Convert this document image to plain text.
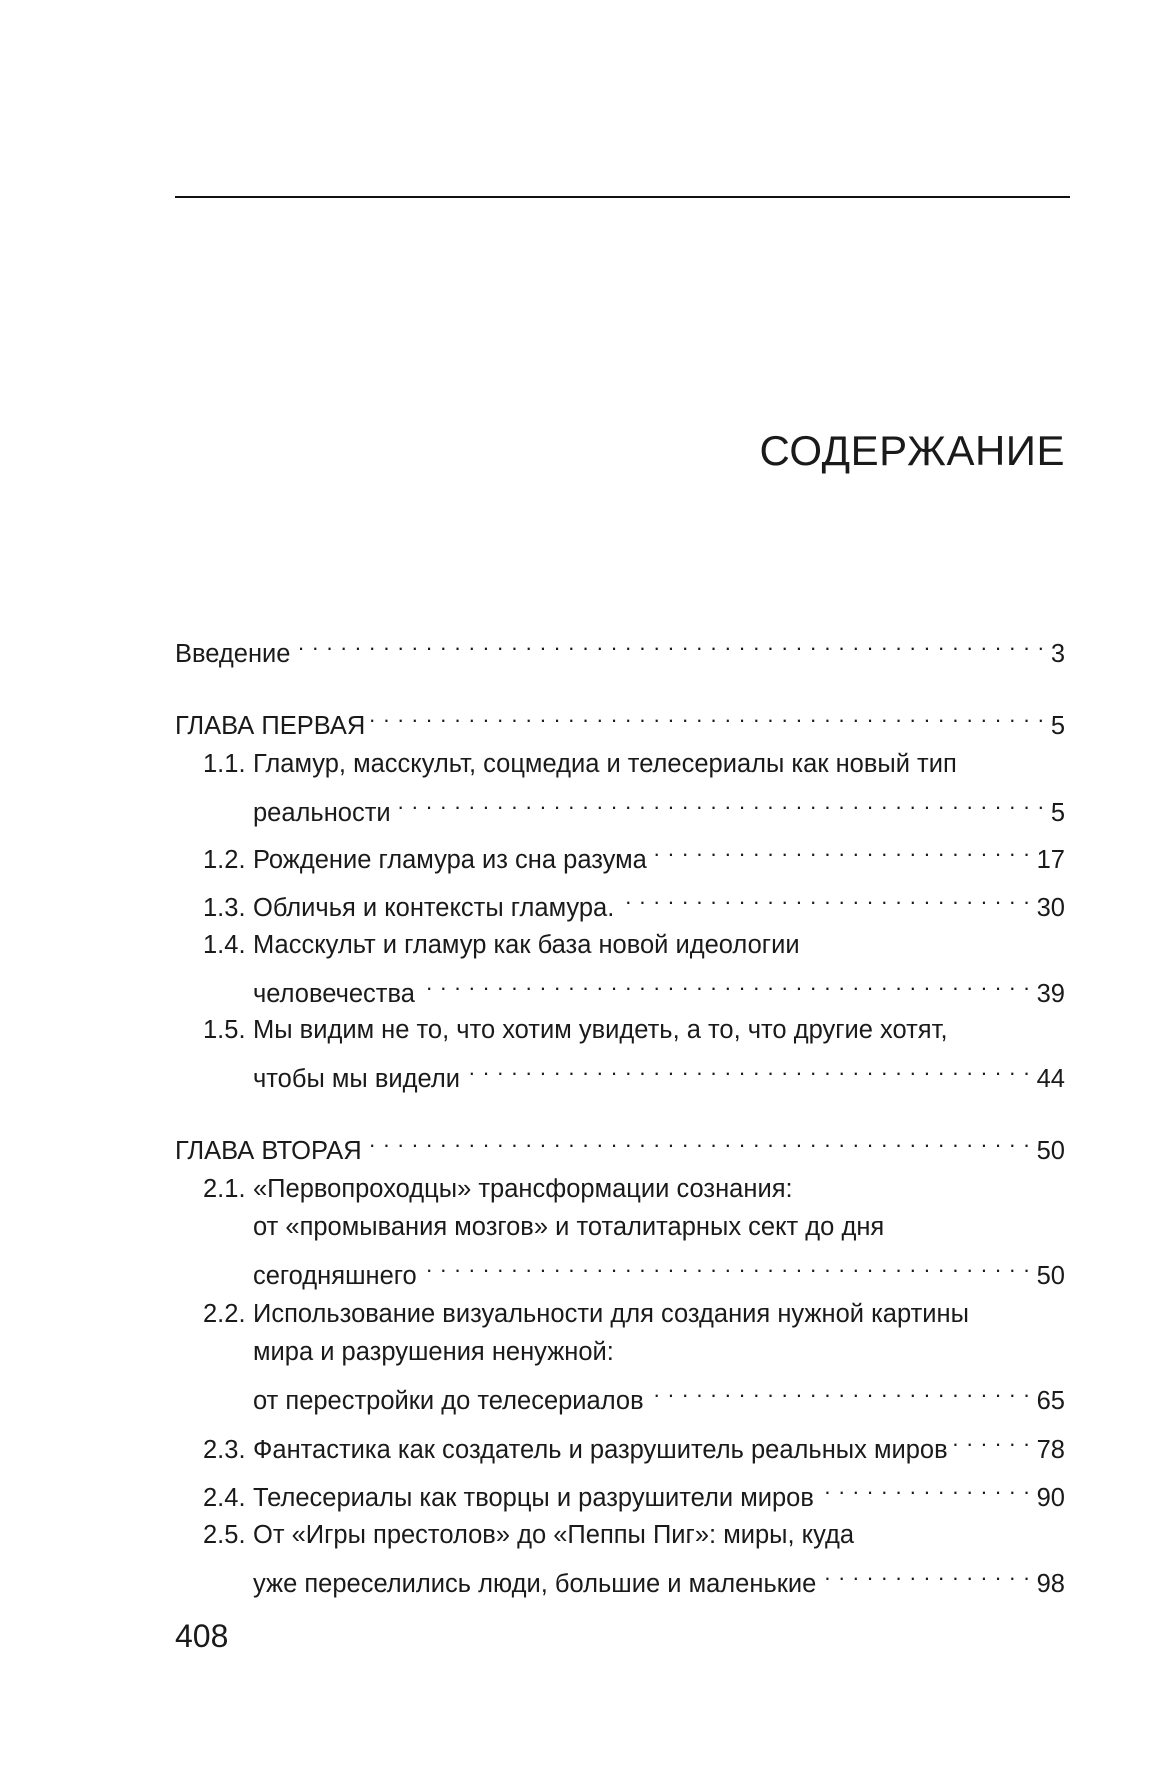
СОДЕРЖАНИЕ
Введение . . .	3
ГЛАВА ПЕРВАЯ . . .	5
1.1. Гламур, масскульт, соцмедиа и телесериалы как новый тип
реальности . . .	5
1.2. Рождение гламура из сна разума . . .	17
1.3. Обличья и контексты гламура. . . .	30
1.4. Масскульт и гламур как база новой идеологии
человечества . . .	39
1.5. Мы видим не то, что хотим увидеть, а то, что другие хотят,
чтобы мы видели . . .	44
ГЛАВА ВТОРАЯ . . .	50
2.1. «Первопроходцы» трансформации сознания:
от «промывания мозгов» и тоталитарных сект до дня
сегодняшнего . . .	50
2.2. Использование визуальности для создания нужной картины
мира и разрушения ненужной:
от перестройки до телесериалов . . .	65
2.3. Фантастика как создатель и разрушитель реальных миров . . .	78
2.4. Телесериалы как творцы и разрушители миров . . .	90
2.5. От «Игры престолов» до «Пеппы Пиг»: миры, куда
уже переселились люди, большие и маленькие . . .	98
408
